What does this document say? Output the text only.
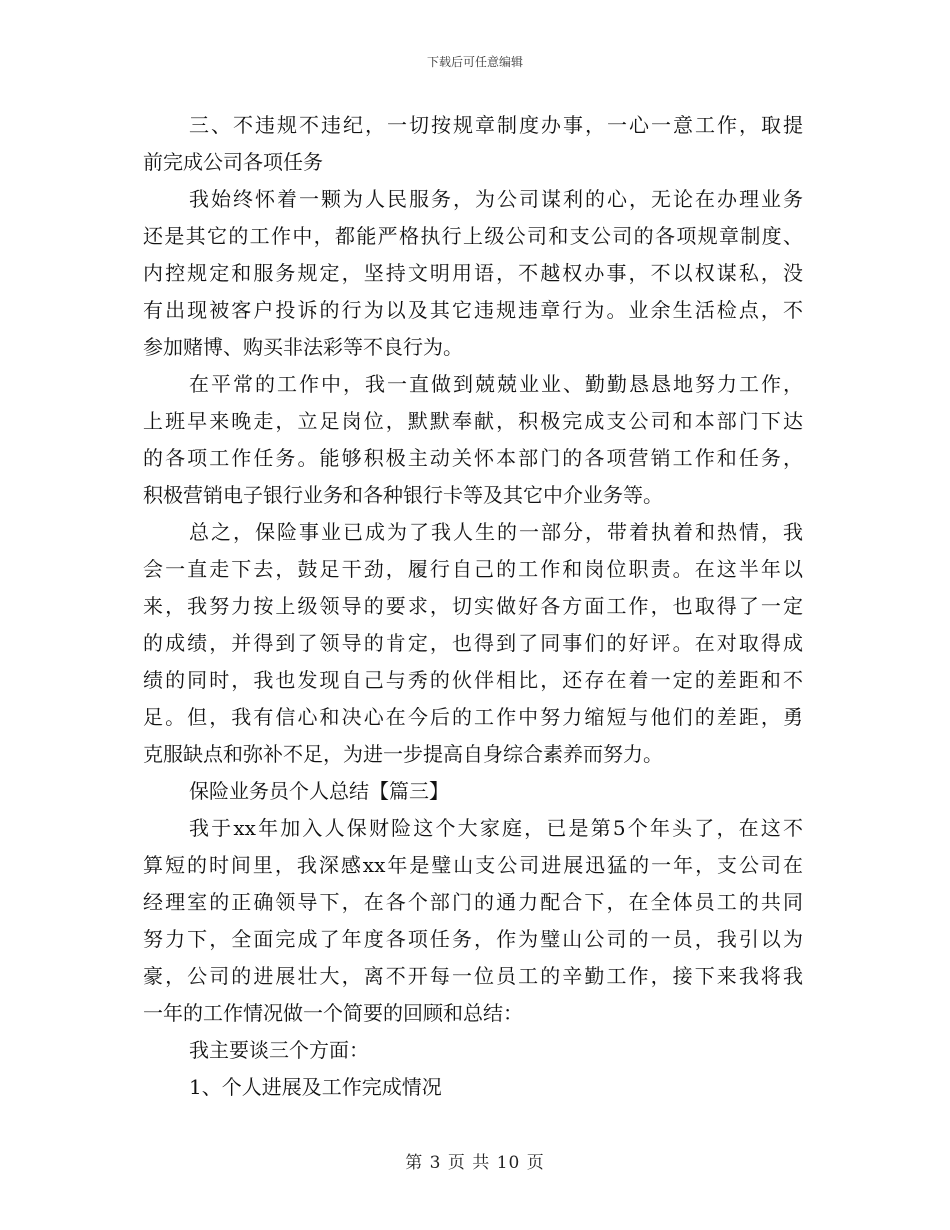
下载后可任意编辑
三、不违规不违纪，一切按规章制度办事，一心一意工作，取提
前完成公司各项任务
我始终怀着一颗为人民服务，为公司谋利的心，无论在办理业务
还是其它的工作中，都能严格执行上级公司和支公司的各项规章制度、
内控规定和服务规定，坚持文明用语，不越权办事，不以权谋私，没
有出现被客户投诉的行为以及其它违规违章行为。业余生活检点，不
参加赌博、购买非法彩等不良行为。
在平常的工作中，我一直做到兢兢业业、勤勤恳恳地努力工作，
上班早来晚走，立足岗位，默默奉献，积极完成支公司和本部门下达
的各项工作任务。能够积极主动关怀本部门的各项营销工作和任务，
积极营销电子银行业务和各种银行卡等及其它中介业务等。
总之，保险事业已成为了我人生的一部分，带着执着和热情，我
会一直走下去，鼓足干劲，履行自己的工作和岗位职责。在这半年以
来，我努力按上级领导的要求，切实做好各方面工作，也取得了一定
的成绩，并得到了领导的肯定，也得到了同事们的好评。在对取得成
绩的同时，我也发现自己与秀的伙伴相比，还存在着一定的差距和不
足。但，我有信心和决心在今后的工作中努力缩短与他们的差距，勇
克服缺点和弥补不足，为进一步提高自身综合素养而努力。
保险业务员个人总结【篇三】
我于xx年加入人保财险这个大家庭，已是第5个年头了，在这不
算短的时间里，我深感xx年是璧山支公司进展迅猛的一年，支公司在
经理室的正确领导下，在各个部门的通力配合下，在全体员工的共同
努力下，全面完成了年度各项任务，作为璧山公司的一员，我引以为
豪，公司的进展壮大，离不开每一位员工的辛勤工作，接下来我将我
一年的工作情况做一个简要的回顾和总结：
我主要谈三个方面：
1、个人进展及工作完成情况
第 3 页 共 10 页
